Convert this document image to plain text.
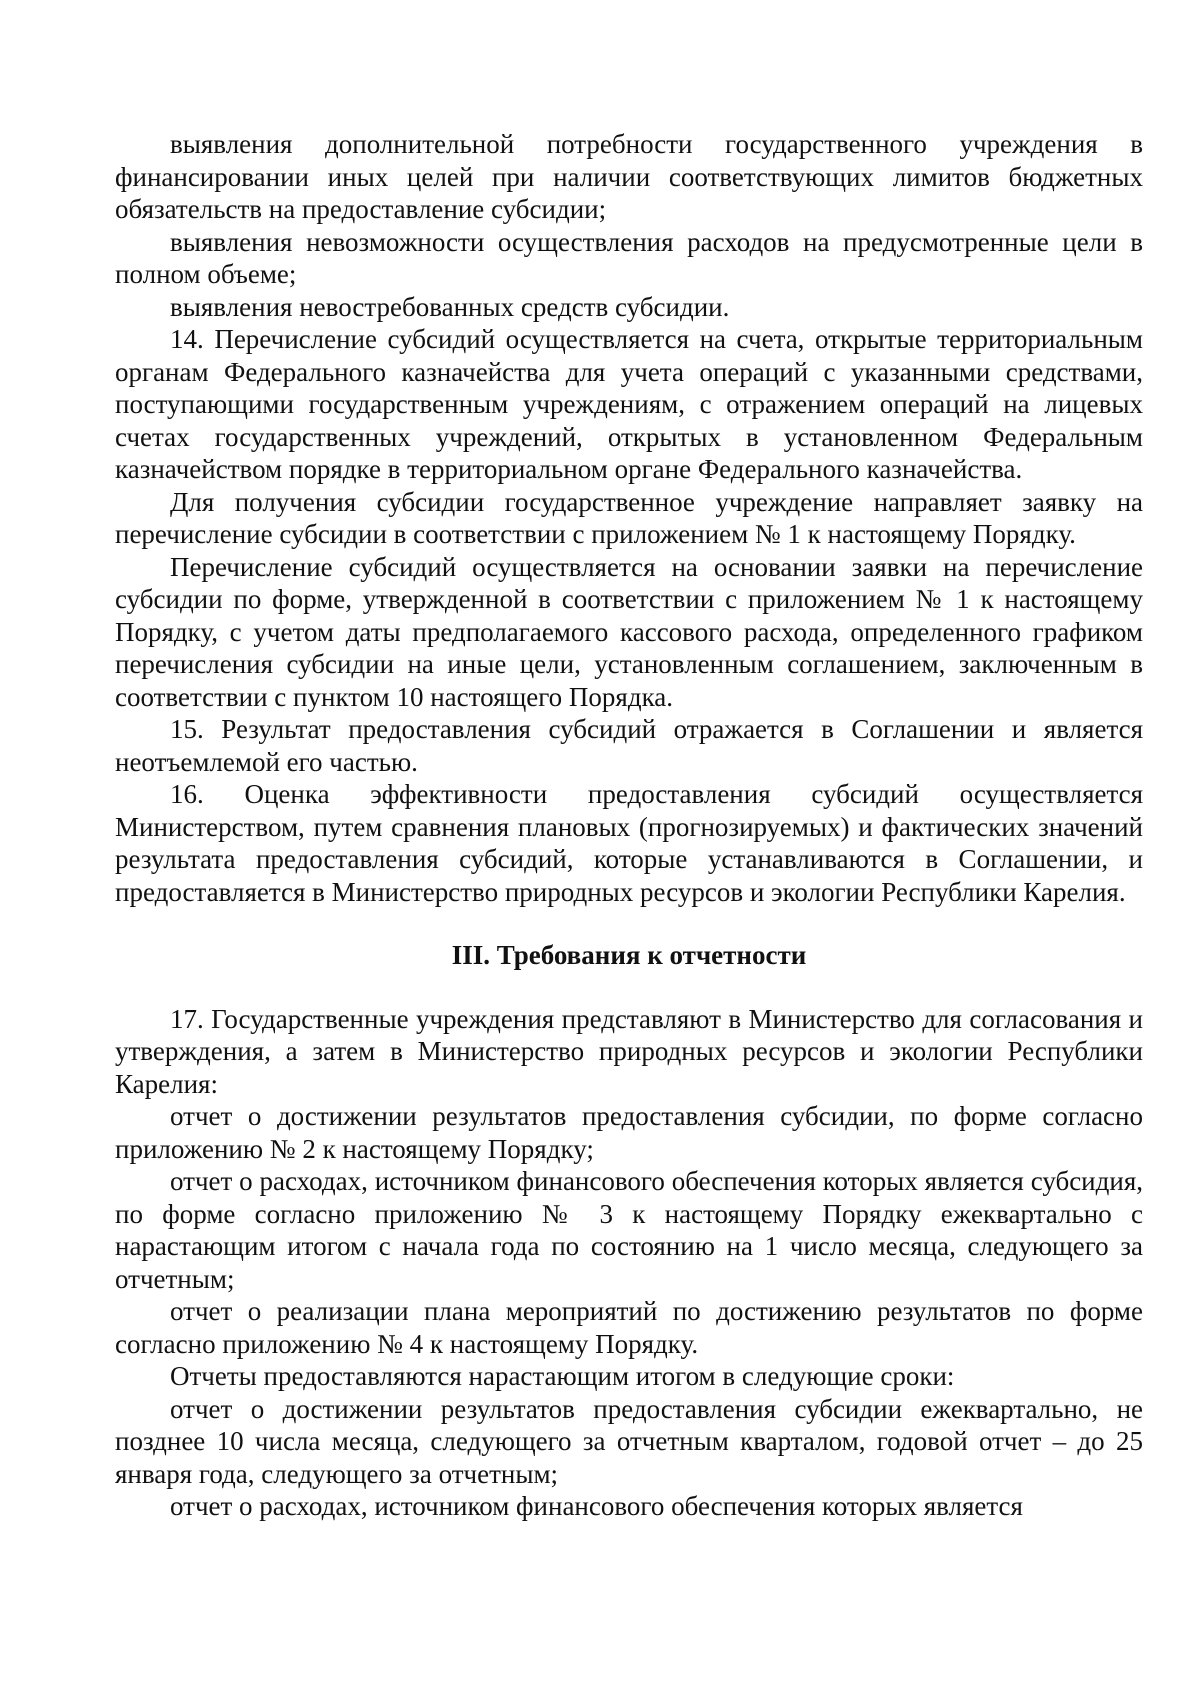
выявления дополнительной потребности государственного учреждения в финансировании иных целей при наличии соответствующих лимитов бюджетных обязательств на предоставление субсидии;

выявления невозможности осуществления расходов на предусмотренные цели в полном объеме;

выявления невостребованных средств субсидии.

14. Перечисление субсидий осуществляется на счета, открытые территориальным органам Федерального казначейства для учета операций с указанными средствами, поступающими государственным учреждениям, с отражением операций на лицевых счетах государственных учреждений, открытых в установленном Федеральным казначейством порядке в территориальном органе Федерального казначейства.

Для получения субсидии государственное учреждение направляет заявку на перечисление субсидии в соответствии с приложением № 1 к настоящему Порядку.

Перечисление субсидий осуществляется на основании заявки на перечисление субсидии по форме, утвержденной в соответствии с приложением № 1 к настоящему Порядку, с учетом даты предполагаемого кассового расхода, определенного графиком перечисления субсидии на иные цели, установленным соглашением, заключенным в соответствии с пунктом 10 настоящего Порядка.

15. Результат предоставления субсидий отражается в Соглашении и является неотъемлемой его частью.

16. Оценка эффективности предоставления субсидий осуществляется Министерством, путем сравнения плановых (прогнозируемых) и фактических значений результата предоставления субсидий, которые устанавливаются в Соглашении, и предоставляется в Министерство природных ресурсов и экологии Республики Карелия.

III. Требования к отчетности

17. Государственные учреждения представляют в Министерство для согласования и утверждения, а затем в Министерство природных ресурсов и экологии Республики Карелия:

отчет о достижении результатов предоставления субсидии, по форме согласно приложению № 2 к настоящему Порядку;

отчет о расходах, источником финансового обеспечения которых является субсидия, по форме согласно приложению № 3 к настоящему Порядку ежеквартально с нарастающим итогом с начала года по состоянию на 1 число месяца, следующего за отчетным;

отчет о реализации плана мероприятий по достижению результатов по форме согласно приложению № 4 к настоящему Порядку.

Отчеты предоставляются нарастающим итогом в следующие сроки:

отчет о достижении результатов предоставления субсидии ежеквартально, не позднее 10 числа месяца, следующего за отчетным кварталом, годовой отчет – до 25 января года, следующего за отчетным;

отчет о расходах, источником финансового обеспечения которых является
